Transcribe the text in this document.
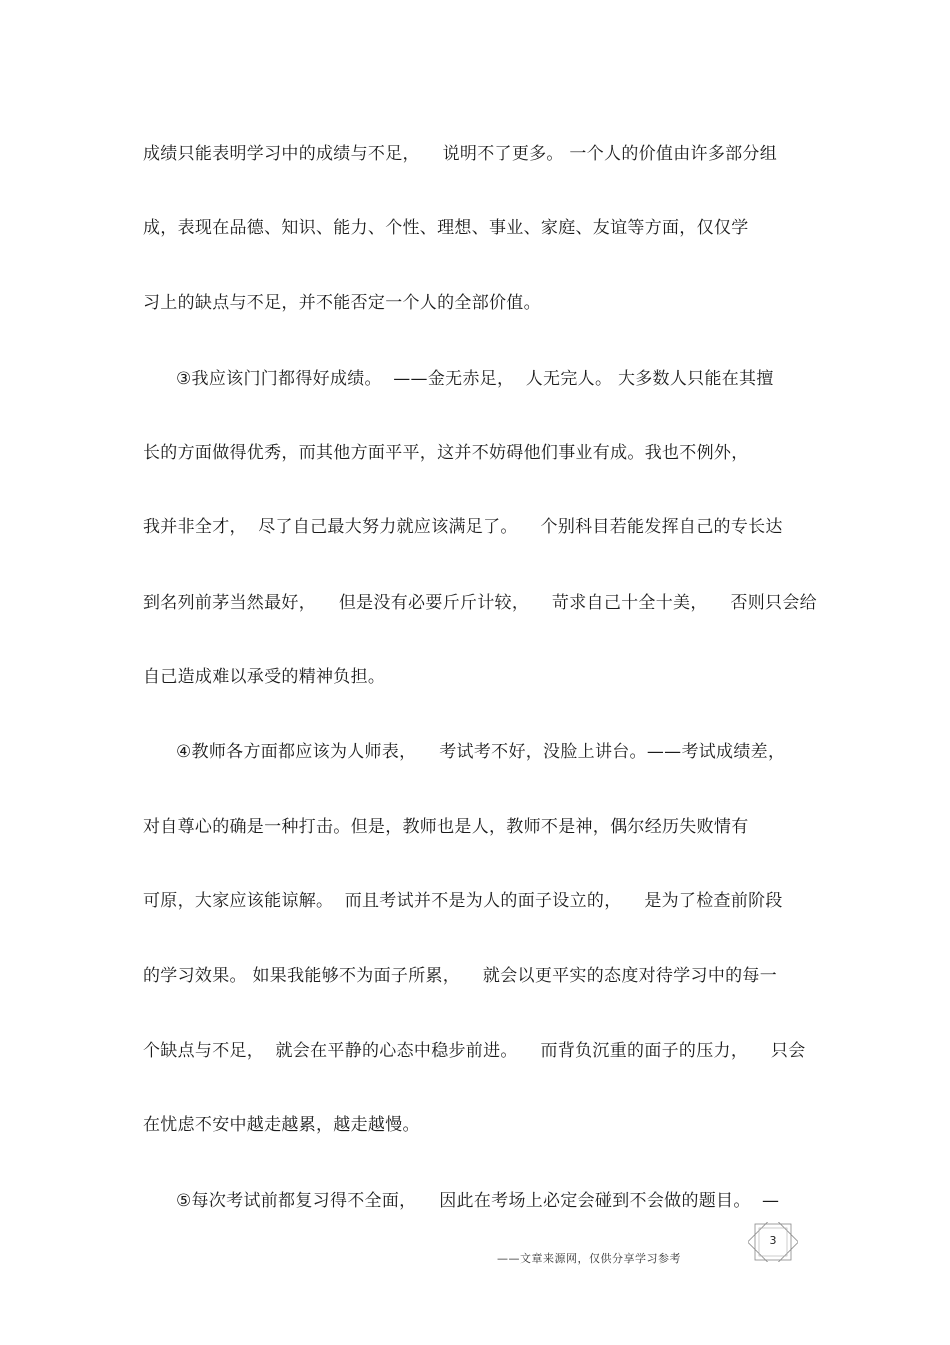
成绩只能表明学习中的成绩与不足，    说明不了更多。 一个人的价值由许多部分组
成，表现在品德、知识、能力、个性、理想、事业、家庭、友谊等方面，仅仅学
习上的缺点与不足，并不能否定一个人的全部价值。
③我应该门门都得好成绩。  ——金无赤足，  人无完人。 大多数人只能在其擅
长的方面做得优秀，而其他方面平平，这并不妨碍他们事业有成。我也不例外，
我并非全才，  尽了自己最大努力就应该满足了。    个别科目若能发挥自己的专长达
到名列前茅当然最好，    但是没有必要斤斤计较，    苛求自己十全十美，    否则只会给
自己造成难以承受的精神负担。
④教师各方面都应该为人师表，    考试考不好，没脸上讲台。——考试成绩差，
对自尊心的确是一种打击。但是，教师也是人，教师不是神，偶尔经历失败情有
可原，大家应该能谅解。  而且考试并不是为人的面子设立的，    是为了检查前阶段
的学习效果。 如果我能够不为面子所累，    就会以更平实的态度对待学习中的每一
个缺点与不足，  就会在平静的心态中稳步前进。    而背负沉重的面子的压力，    只会
在忧虑不安中越走越累，越走越慢。
⑤每次考试前都复习得不全面，    因此在考场上必定会碰到不会做的题目。  —
3
——文章来源网，仅供分享学习参考
